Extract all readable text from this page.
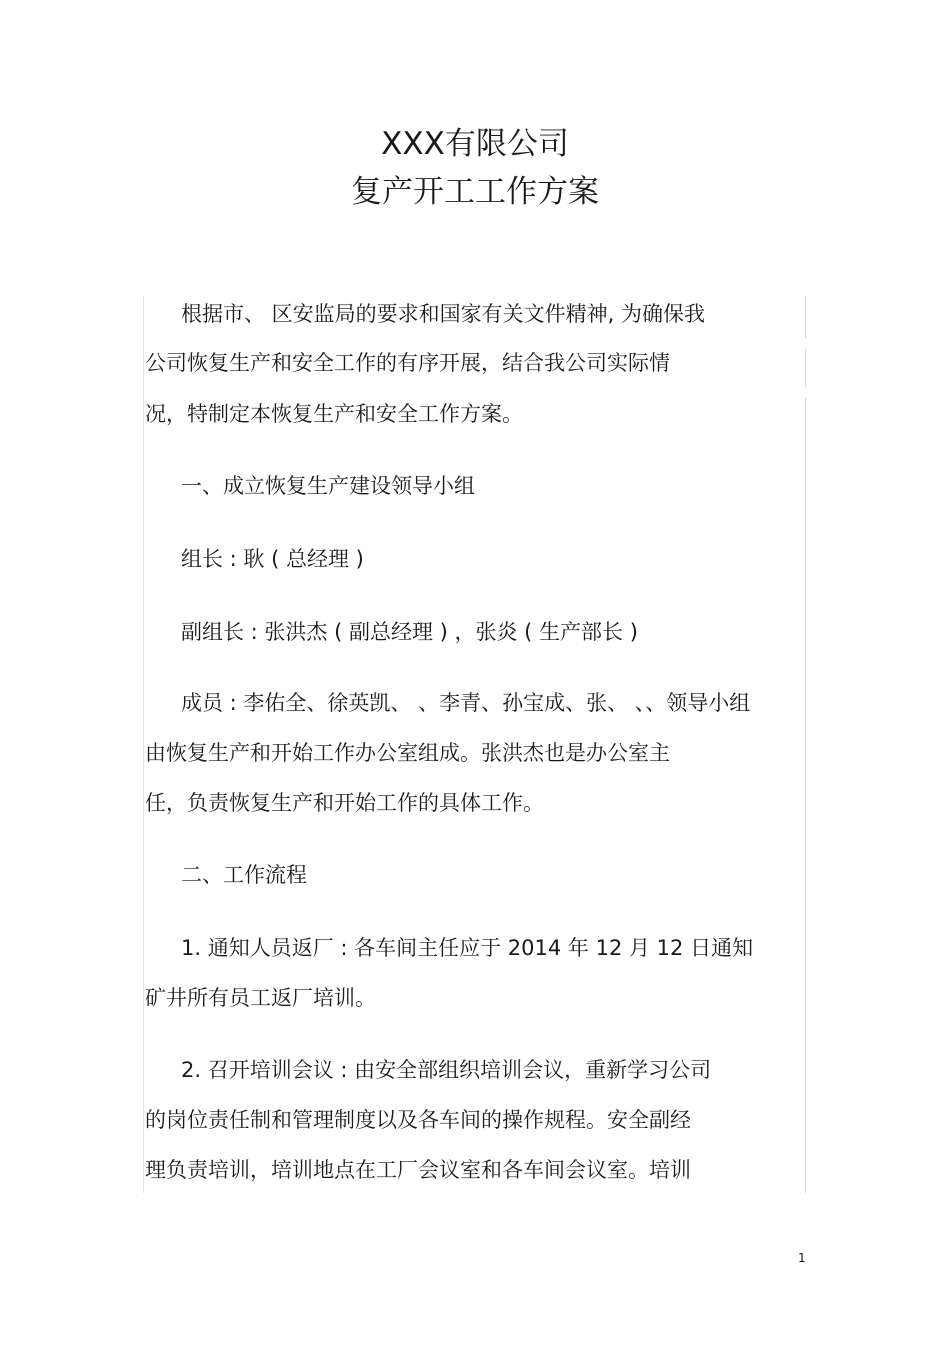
XXX有限公司
复产开工工作方案

根据市、 区安监局的要求和国家有关文件精神, 为确保我

公司恢复生产和安全工作的有序开展，结合我公司实际情

况，特制定本恢复生产和安全工作方案。

一、成立恢复生产建设领导小组

组长 : 耿 ( 总经理 )

副组长 : 张洪杰 ( 副总经理 ) ，张炎 ( 生产部长 )

成员 : 李佑全、徐英凯、 、李青、孙宝成、张、 、、领导小组

由恢复生产和开始工作办公室组成。张洪杰也是办公室主

任，负责恢复生产和开始工作的具体工作。

二、工作流程

1. 通知人员返厂 : 各车间主任应于 2014 年 12 月 12 日通知

矿井所有员工返厂培训。

2. 召开培训会议 : 由安全部组织培训会议，重新学习公司

的岗位责任制和管理制度以及各车间的操作规程。安全副经

理负责培训，培训地点在工厂会议室和各车间会议室。培训

1
